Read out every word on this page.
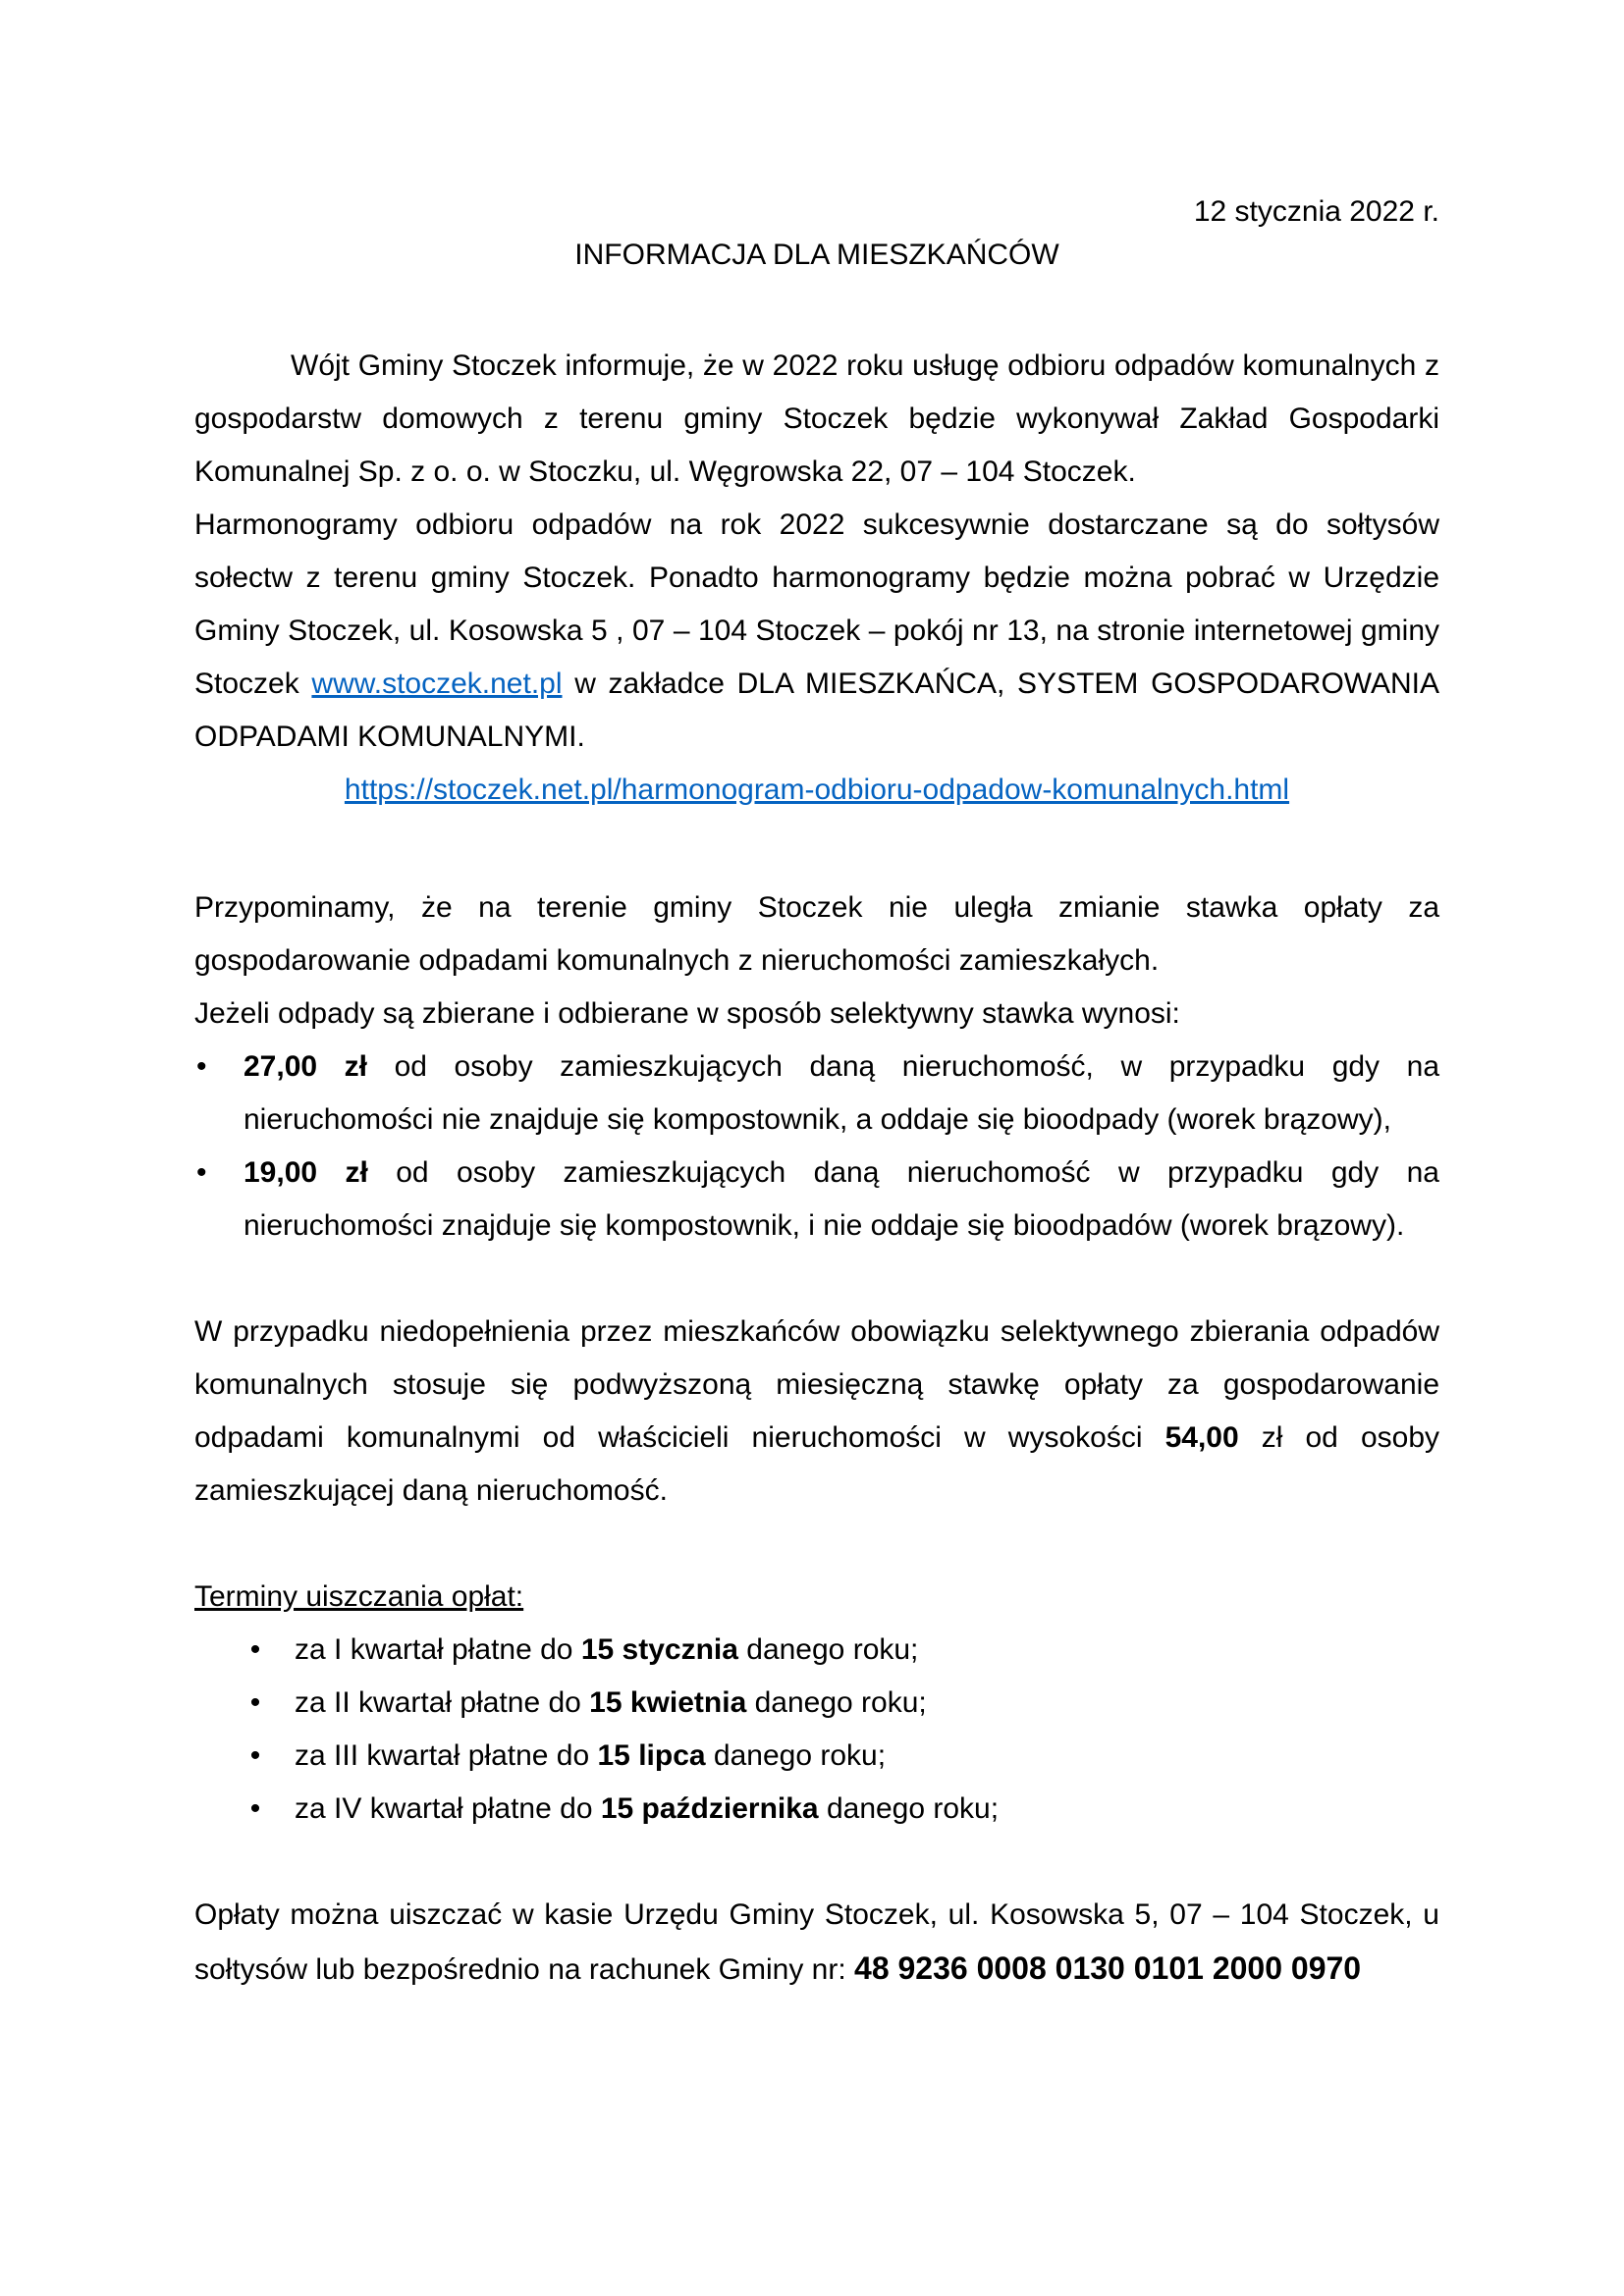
12 stycznia 2022 r.
INFORMACJA DLA MIESZKAŃCÓW

Wójt Gminy Stoczek informuje, że w 2022 roku usługę odbioru odpadów komunalnych z gospodarstw domowych z terenu gminy Stoczek będzie wykonywał Zakład Gospodarki Komunalnej Sp. z o. o. w Stoczku, ul. Węgrowska 22, 07 – 104 Stoczek.

Harmonogramy odbioru odpadów na rok 2022 sukcesywnie dostarczane są do sołtysów sołectw z terenu gminy Stoczek. Ponadto harmonogramy będzie można pobrać w Urzędzie Gminy Stoczek, ul. Kosowska 5 , 07 – 104 Stoczek – pokój nr 13, na stronie internetowej gminy Stoczek www.stoczek.net.pl w zakładce DLA MIESZKAŃCA, SYSTEM GOSPODAROWANIA ODPADAMI KOMUNALNYMI.

https://stoczek.net.pl/harmonogram-odbioru-odpadow-komunalnych.html

Przypominamy, że na terenie gminy Stoczek nie uległa zmianie stawka opłaty za gospodarowanie odpadami komunalnych z nieruchomości zamieszkałych.

Jeżeli odpady są zbierane i odbierane w sposób selektywny stawka wynosi:

•	27,00 zł od osoby zamieszkujących daną nieruchomość, w przypadku gdy na nieruchomości nie znajduje się kompostownik, a oddaje się bioodpady (worek brązowy),
•	19,00 zł od osoby zamieszkujących daną nieruchomość w przypadku gdy na nieruchomości znajduje się kompostownik, i nie oddaje się bioodpadów (worek brązowy).

W przypadku niedopełnienia przez mieszkańców obowiązku selektywnego zbierania odpadów komunalnych stosuje się podwyższoną miesięczną stawkę opłaty za gospodarowanie odpadami komunalnymi od właścicieli nieruchomości w wysokości 54,00 zł od osoby zamieszkującej daną nieruchomość.

Terminy uiszczania opłat:
• za I kwartał płatne do 15 stycznia danego roku;
• za II kwartał płatne do 15 kwietnia danego roku;
• za III kwartał płatne do 15 lipca danego roku;
• za IV kwartał płatne do 15 października danego roku;

Opłaty można uiszczać w kasie Urzędu Gminy Stoczek, ul. Kosowska 5, 07 – 104 Stoczek, u sołtysów lub bezpośrednio na rachunek Gminy nr: 48 9236 0008 0130 0101 2000 0970
